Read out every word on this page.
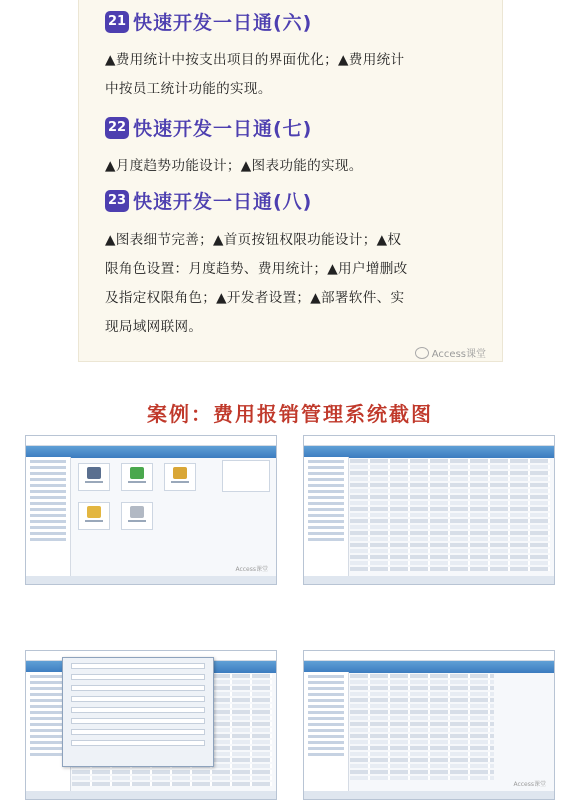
21 快速开发一日通(六)
▲费用统计中按支出项目的界面优化；▲费用统计
中按员工统计功能的实现。
22 快速开发一日通(七)
▲月度趋势功能设计；▲图表功能的实现。
23 快速开发一日通(八)
▲图表细节完善；▲首页按钮权限功能设计；▲权
限角色设置：月度趋势、费用统计；▲用户增删改
及指定权限角色；▲开发者设置；▲部署软件、实
现局域网联网。
Access课堂
案例：费用报销管理系统截图
Access课堂
Access课堂
